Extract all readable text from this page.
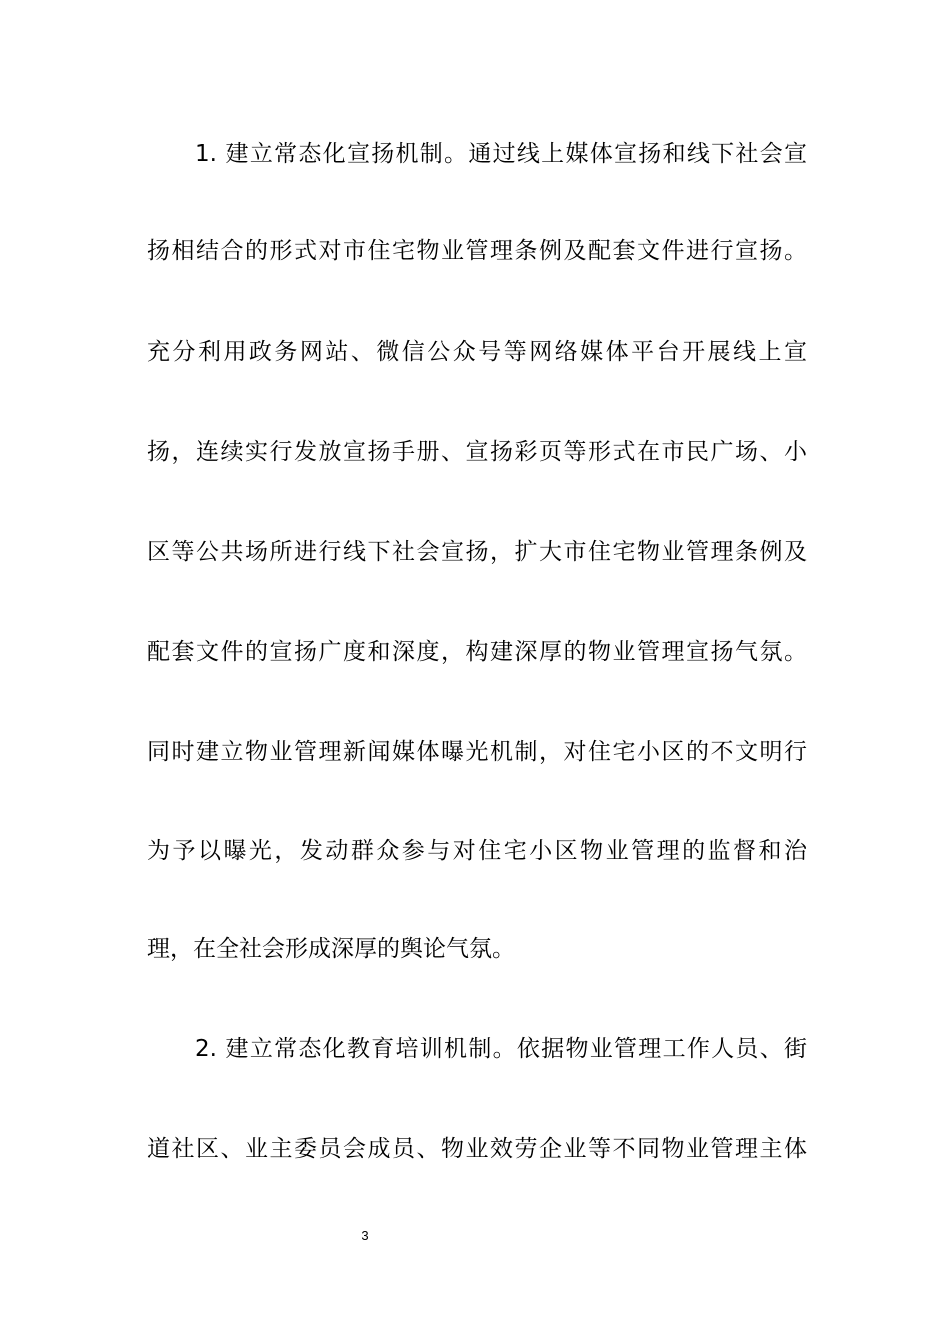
1. 建立常态化宣扬机制。通过线上媒体宣扬和线下社会宣
扬相结合的形式对市住宅物业管理条例及配套文件进行宣扬。
充分利用政务网站、微信公众号等网络媒体平台开展线上宣
扬，连续实行发放宣扬手册、宣扬彩页等形式在市民广场、小
区等公共场所进行线下社会宣扬，扩大市住宅物业管理条例及
配套文件的宣扬广度和深度，构建深厚的物业管理宣扬气氛。
同时建立物业管理新闻媒体曝光机制，对住宅小区的不文明行
为予以曝光，发动群众参与对住宅小区物业管理的监督和治
理，在全社会形成深厚的舆论气氛。
2. 建立常态化教育培训机制。依据物业管理工作人员、街
道社区、业主委员会成员、物业效劳企业等不同物业管理主体
3
